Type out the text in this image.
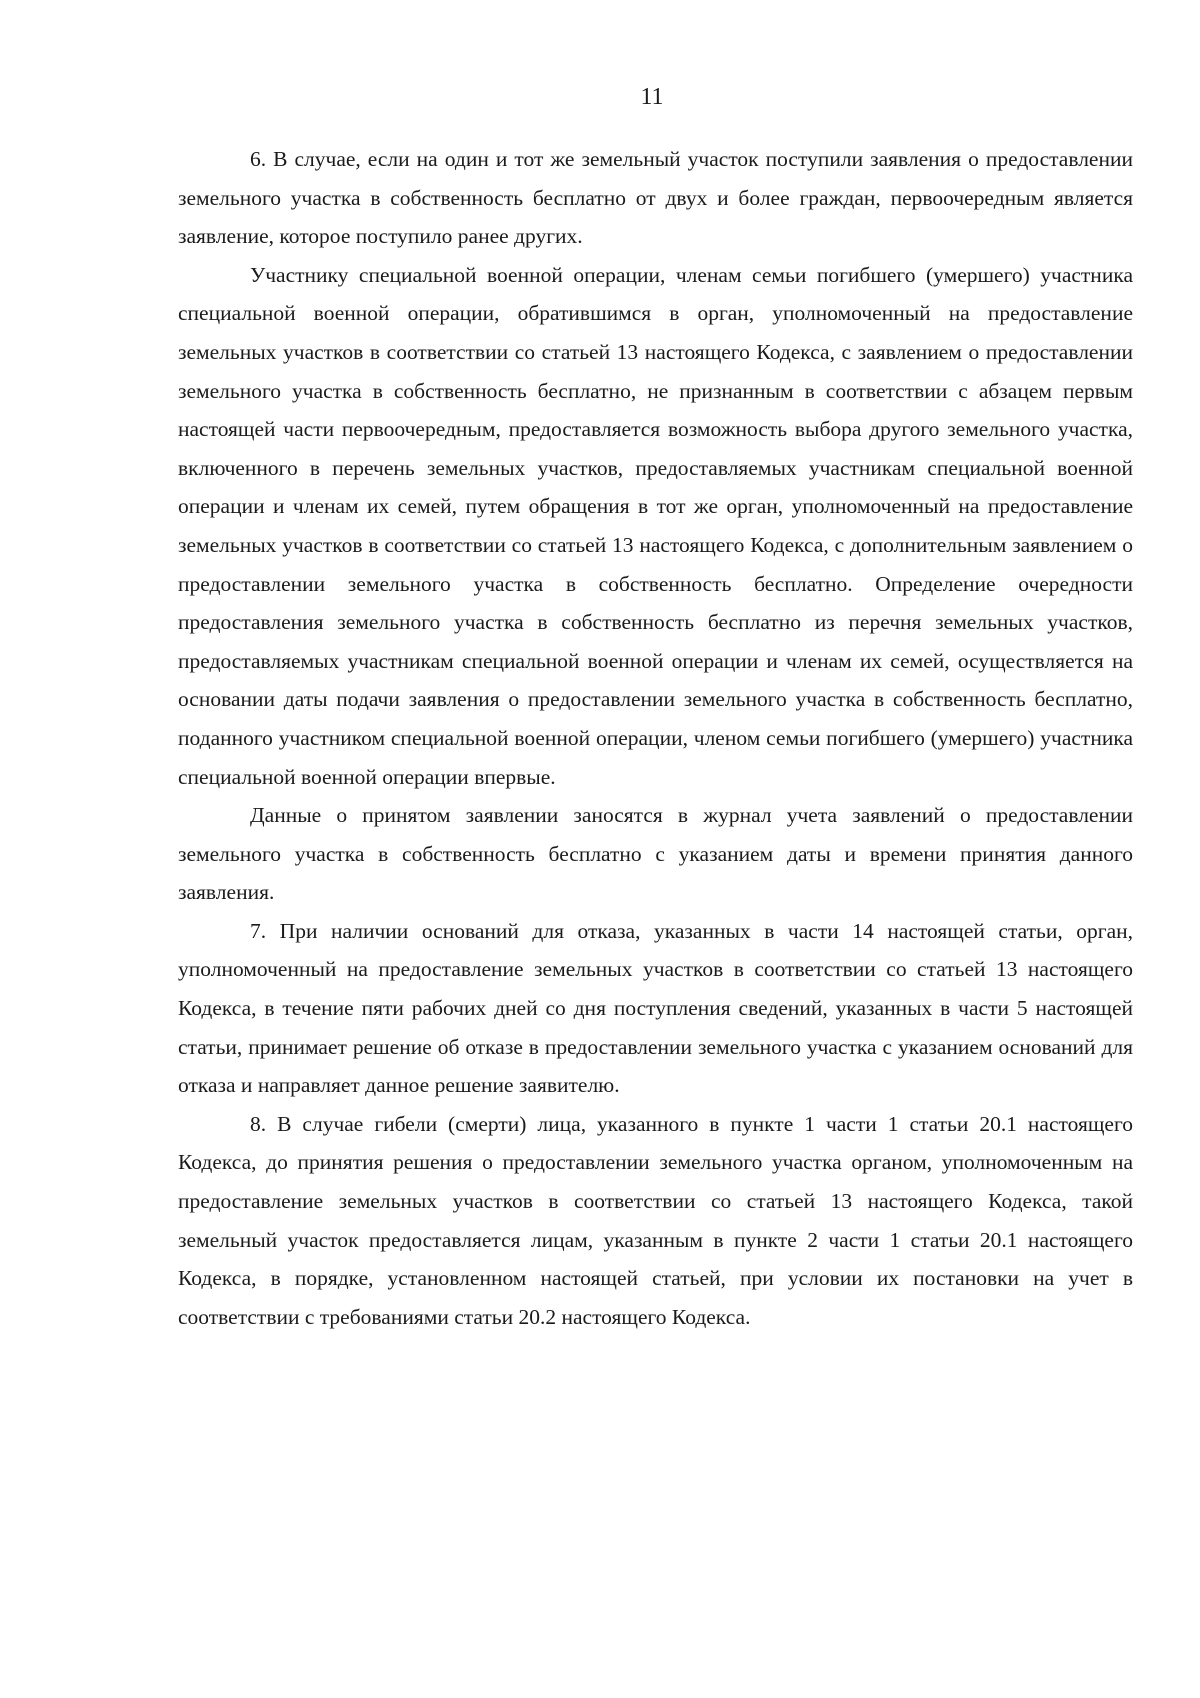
11

6. В случае, если на один и тот же земельный участок поступили заявления о предоставлении земельного участка в собственность бесплатно от двух и более граждан, первоочередным является заявление, которое поступило ранее других.

Участнику специальной военной операции, членам семьи погибшего (умершего) участника специальной военной операции, обратившимся в орган, уполномоченный на предоставление земельных участков в соответствии со статьей 13 настоящего Кодекса, с заявлением о предоставлении земельного участка в собственность бесплатно, не признанным в соответствии с абзацем первым настоящей части первоочередным, предоставляется возможность выбора другого земельного участка, включенного в перечень земельных участков, предоставляемых участникам специальной военной операции и членам их семей, путем обращения в тот же орган, уполномоченный на предоставление земельных участков в соответствии со статьей 13 настоящего Кодекса, с дополнительным заявлением о предоставлении земельного участка в собственность бесплатно. Определение очередности предоставления земельного участка в собственность бесплатно из перечня земельных участков, предоставляемых участникам специальной военной операции и членам их семей, осуществляется на основании даты подачи заявления о предоставлении земельного участка в собственность бесплатно, поданного участником специальной военной операции, членом семьи погибшего (умершего) участника специальной военной операции впервые.

Данные о принятом заявлении заносятся в журнал учета заявлений о предоставлении земельного участка в собственность бесплатно с указанием даты и времени принятия данного заявления.

7. При наличии оснований для отказа, указанных в части 14 настоящей статьи, орган, уполномоченный на предоставление земельных участков в соответствии со статьей 13 настоящего Кодекса, в течение пяти рабочих дней со дня поступления сведений, указанных в части 5 настоящей статьи, принимает решение об отказе в предоставлении земельного участка с указанием оснований для отказа и направляет данное решение заявителю.

8. В случае гибели (смерти) лица, указанного в пункте 1 части 1 статьи 20.1 настоящего Кодекса, до принятия решения о предоставлении земельного участка органом, уполномоченным на предоставление земельных участков в соответствии со статьей 13 настоящего Кодекса, такой земельный участок предоставляется лицам, указанным в пункте 2 части 1 статьи 20.1 настоящего Кодекса, в порядке, установленном настоящей статьей, при условии их постановки на учет в соответствии с требованиями статьи 20.2 настоящего Кодекса.
